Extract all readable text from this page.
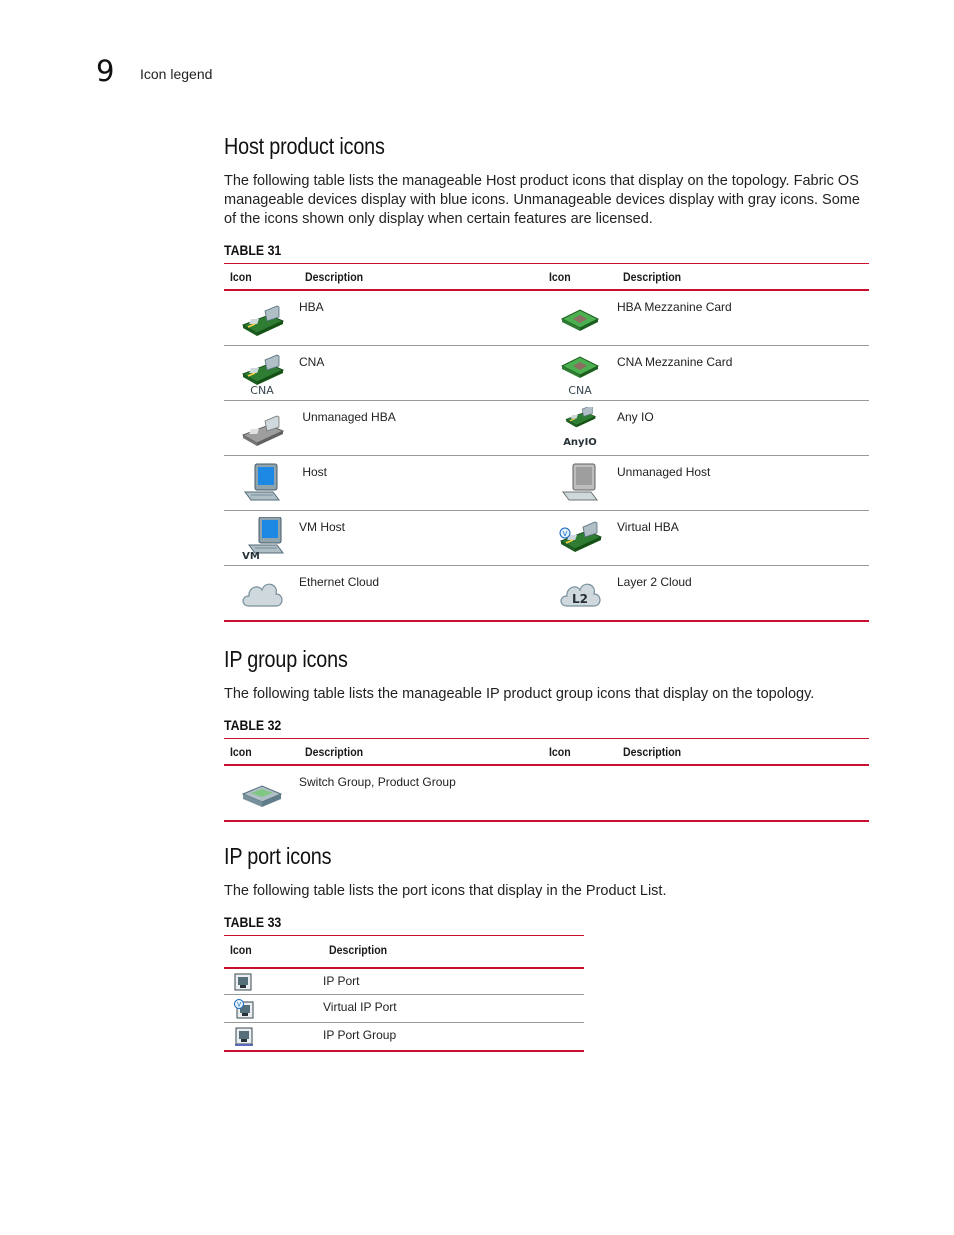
9 Icon legend
Host product icons

The following table lists the manageable Host product icons that display on the topology. Fabric OS manageable devices display with blue icons. Unmanageable devices display with gray icons. Some of the icons shown only display when certain features are licensed.

TABLE 31
Icon	Description	Icon	Description
	HBA		HBA Mezzanine Card

CNA	CNA	CNA	CNA Mezzanine Card
	Unmanaged HBA	AnyIO	Any IO
	Host		Unmanaged Host

VM	VM Host	V	Virtual HBA
	Ethernet Cloud	L2	Layer 2 Cloud
IP group icons

The following table lists the manageable IP product group icons that display on the topology.

TABLE 32
Icon	Description	Icon	Description
	Switch Group, Product Group		
IP port icons

The following table lists the port icons that display in the Product List.

TABLE 33
Icon	Description
	IP Port

V	Virtual IP Port
	IP Port Group
